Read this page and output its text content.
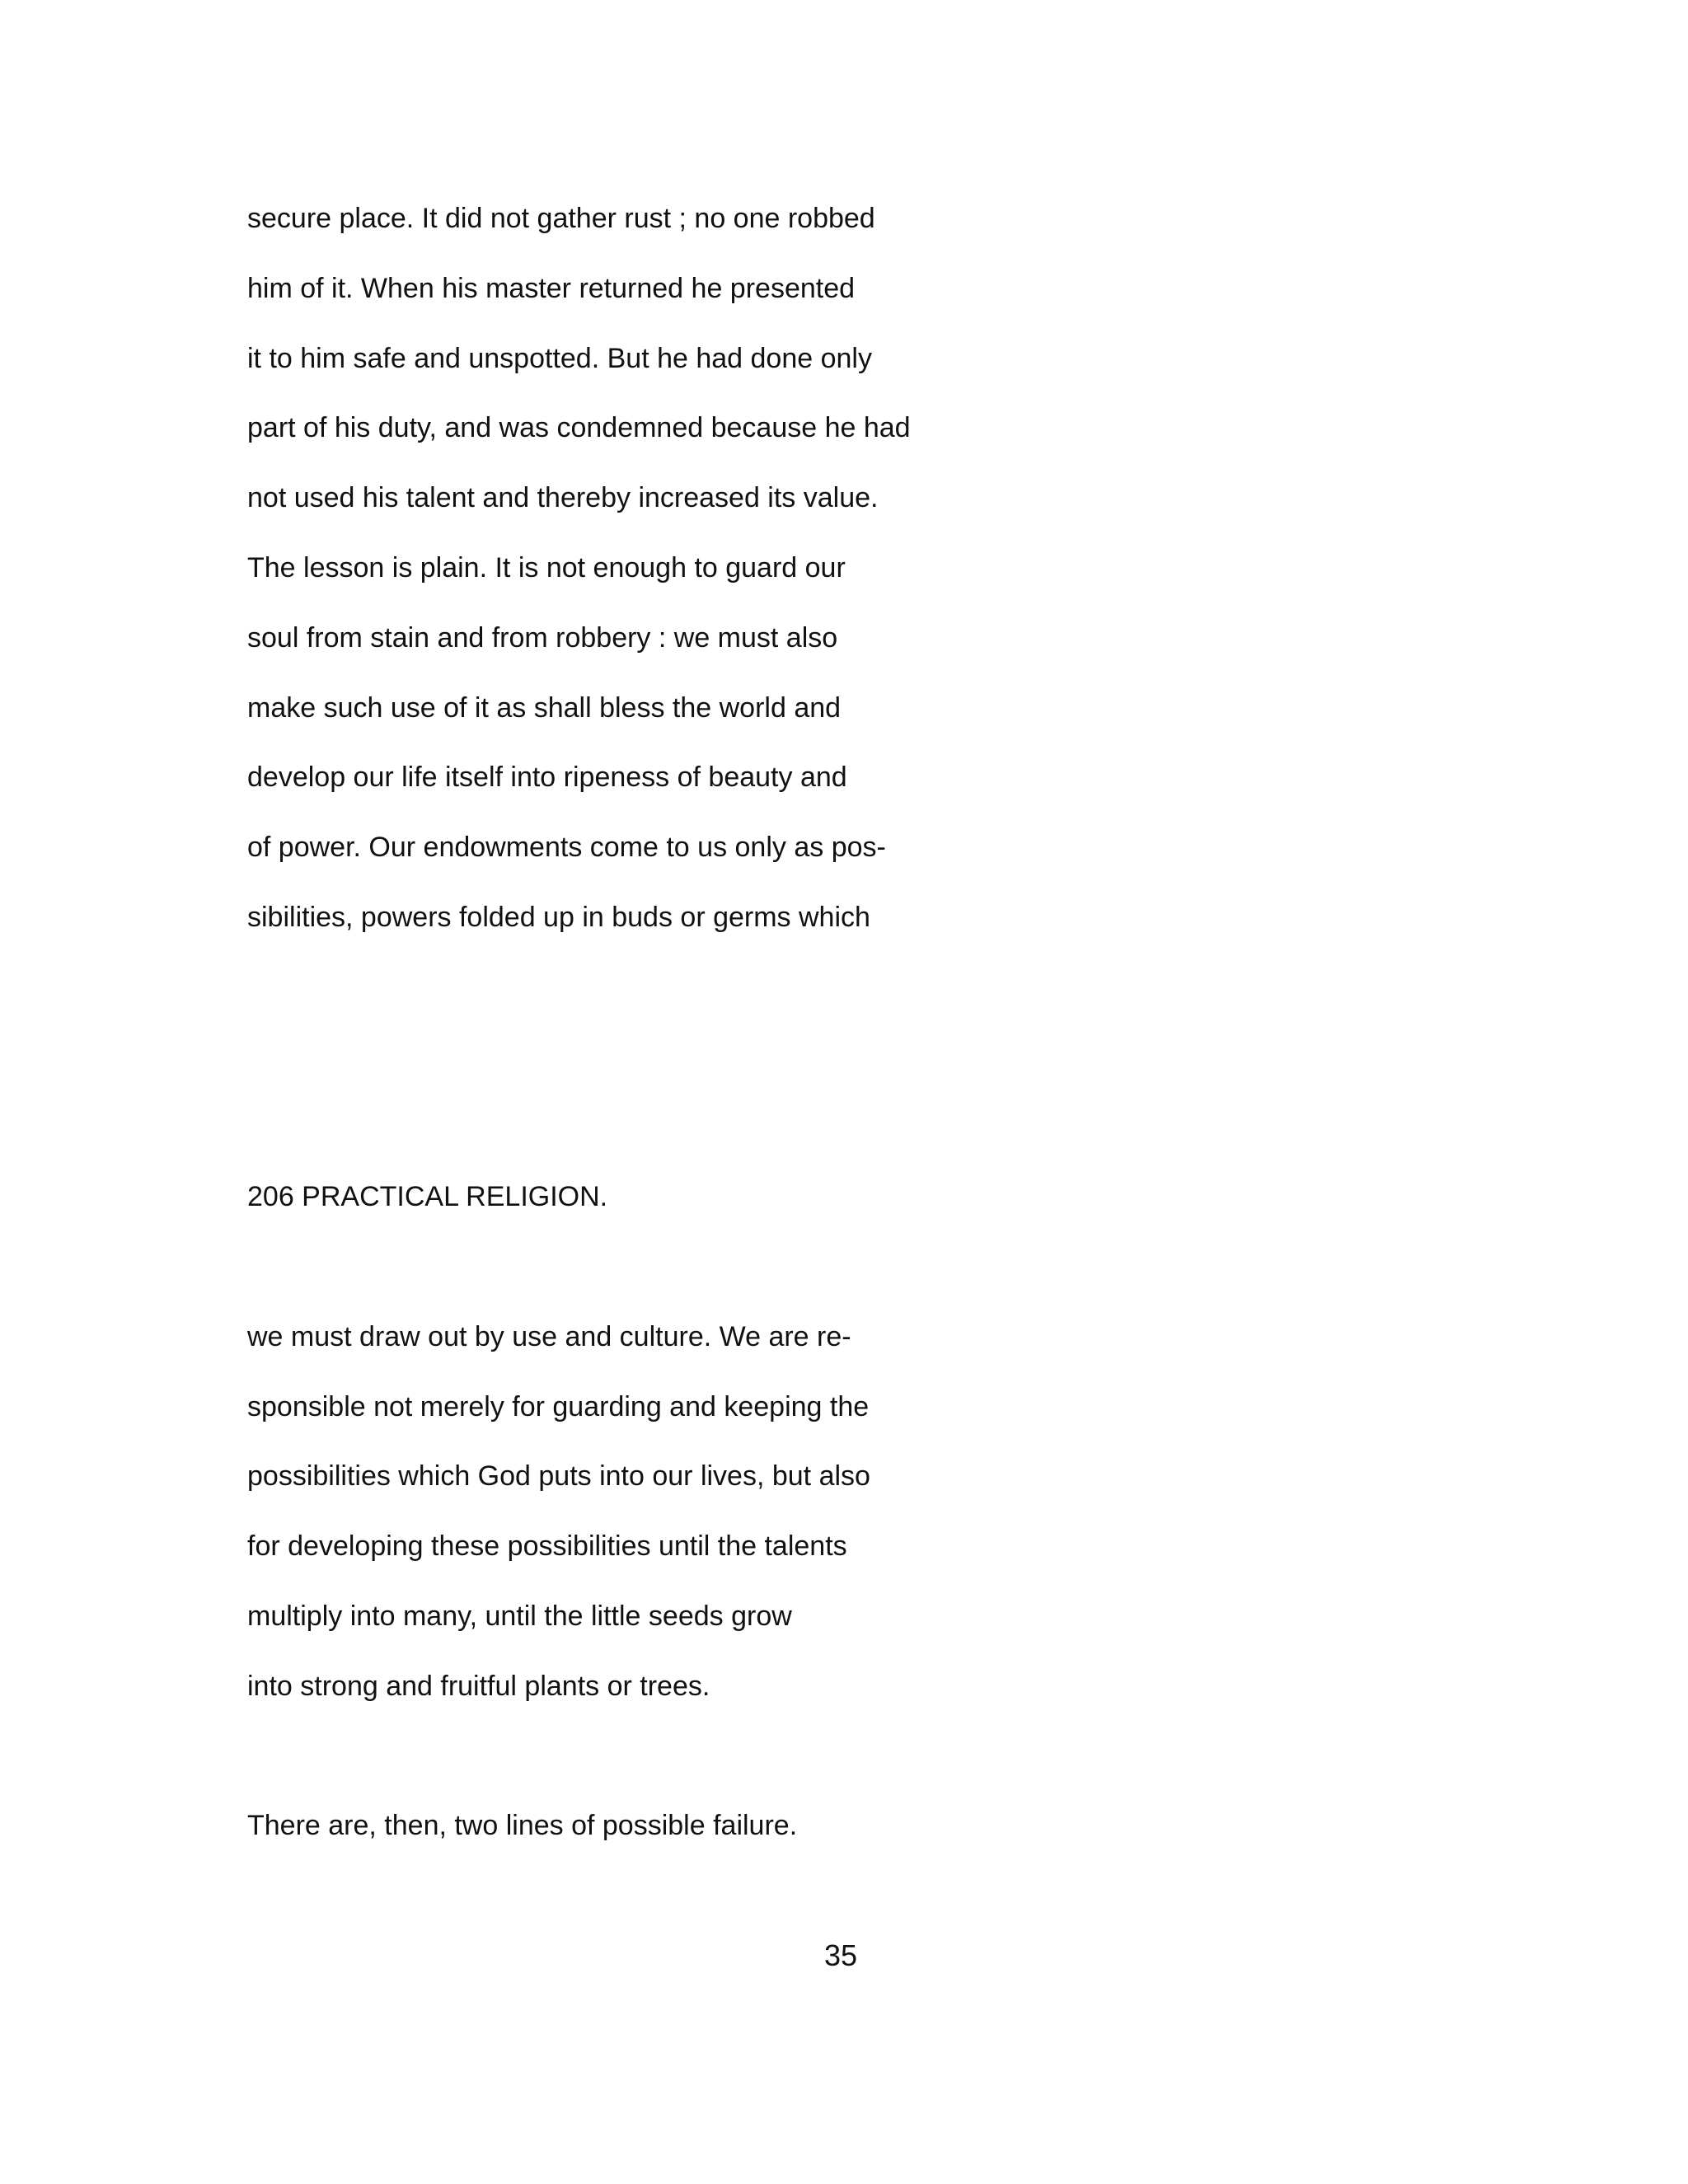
secure place. It did not gather rust ; no one robbed
him of it. When his master returned he presented
it to him safe and unspotted. But he had done only
part of his duty, and was condemned because he had
not used his talent and thereby increased its value.
The lesson is plain. It is not enough to guard our
soul from stain and from robbery : we must also
make such use of it as shall bless the world and
develop our life itself into ripeness of beauty and
of power. Our endowments come to us only as pos-
sibilities, powers folded up in buds or germs which
206 PRACTICAL RELIGION.
we must draw out by use and culture. We are re-
sponsible not merely for guarding and keeping the
possibilities which God puts into our lives, but also
for developing these possibilities until the talents
multiply into many, until the little seeds grow
into strong and fruitful plants or trees.
There are, then, two lines of possible failure.
35
